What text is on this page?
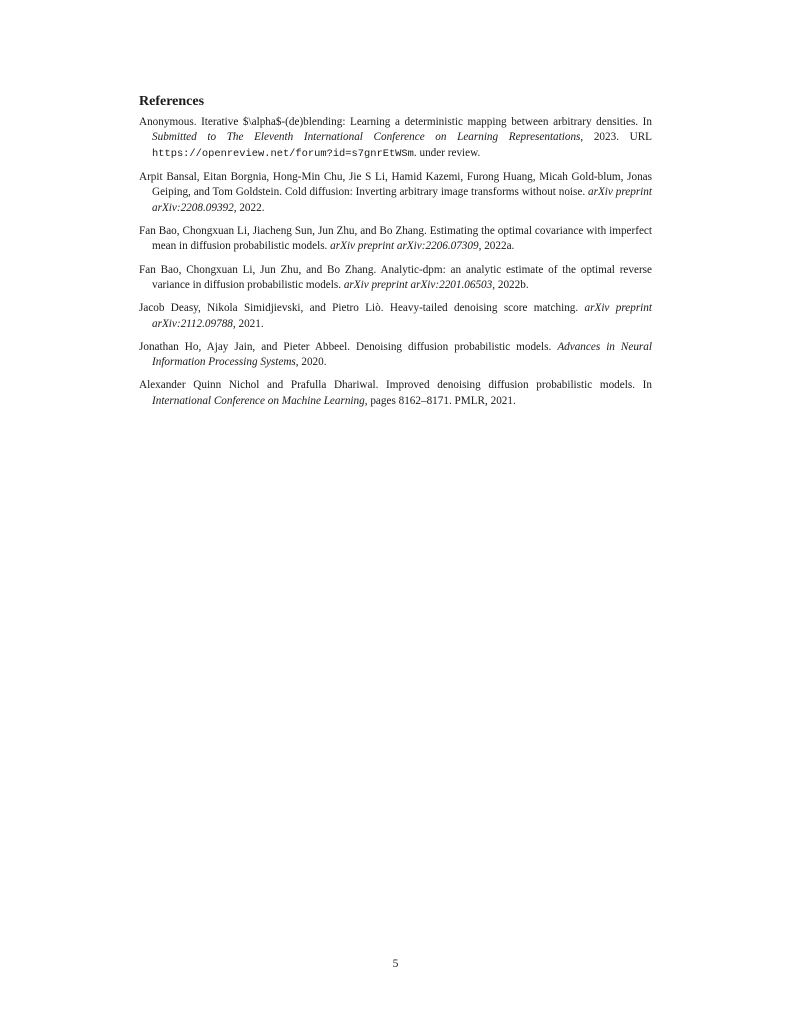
References

Anonymous. Iterative $\alpha$-(de)blending: Learning a deterministic mapping between arbitrary densities. In Submitted to The Eleventh International Conference on Learning Representations, 2023. URL https://openreview.net/forum?id=s7gnrEtWSm. under review.

Arpit Bansal, Eitan Borgnia, Hong-Min Chu, Jie S Li, Hamid Kazemi, Furong Huang, Micah Gold-blum, Jonas Geiping, and Tom Goldstein. Cold diffusion: Inverting arbitrary image transforms without noise. arXiv preprint arXiv:2208.09392, 2022.

Fan Bao, Chongxuan Li, Jiacheng Sun, Jun Zhu, and Bo Zhang. Estimating the optimal covariance with imperfect mean in diffusion probabilistic models. arXiv preprint arXiv:2206.07309, 2022a.

Fan Bao, Chongxuan Li, Jun Zhu, and Bo Zhang. Analytic-dpm: an analytic estimate of the optimal reverse variance in diffusion probabilistic models. arXiv preprint arXiv:2201.06503, 2022b.

Jacob Deasy, Nikola Simidjievski, and Pietro Liò. Heavy-tailed denoising score matching. arXiv preprint arXiv:2112.09788, 2021.

Jonathan Ho, Ajay Jain, and Pieter Abbeel. Denoising diffusion probabilistic models. Advances in Neural Information Processing Systems, 2020.

Alexander Quinn Nichol and Prafulla Dhariwal. Improved denoising diffusion probabilistic models. In International Conference on Machine Learning, pages 8162–8171. PMLR, 2021.

5
